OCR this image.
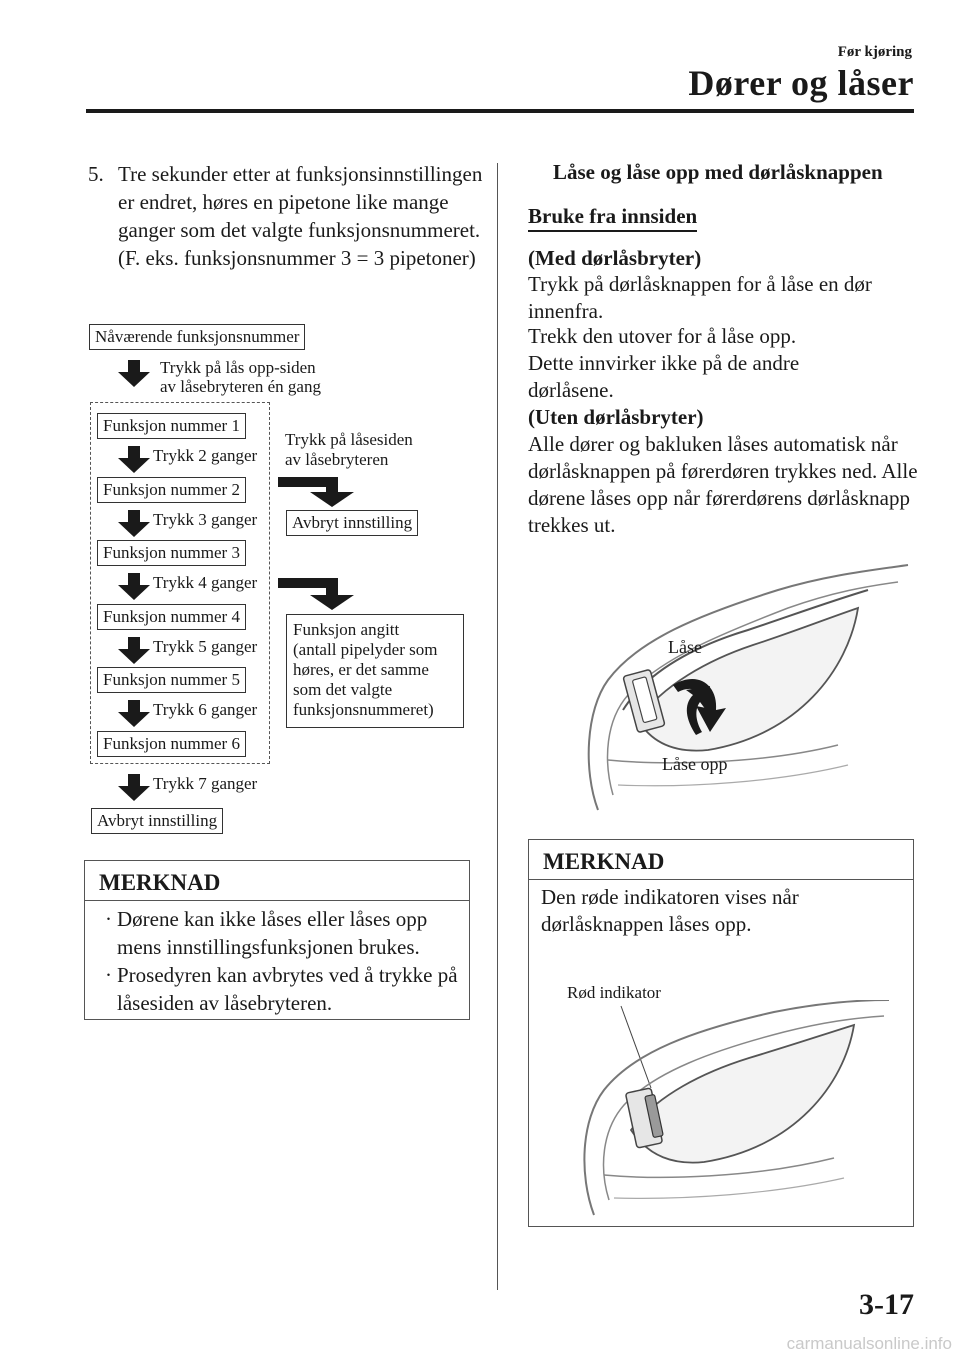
Før kjøring
Dører og låser
5. Tre sekunder etter at funksjonsinnstillingen er endret, høres en pipetone like mange ganger som det valgte funksjonsnummeret. (F. eks. funksjonsnummer 3 = 3 pipetoner)
Nåværende funksjonsnummer
Trykk på lås opp-siden
av låsebryteren én gang
Funksjon nummer 1
Trykk 2 ganger
Funksjon nummer 2
Trykk 3 ganger
Funksjon nummer 3
Trykk 4 ganger
Funksjon nummer 4
Trykk 5 ganger
Funksjon nummer 5
Trykk 6 ganger
Funksjon nummer 6
Trykk 7 ganger
Avbryt innstilling
Trykk på låsesiden
av låsebryteren
Avbryt innstilling
Funksjon angitt
(antall pipelyder som
høres, er det samme
som det valgte
funksjonsnummeret)
MERKNAD
· Dørene kan ikke låses eller låses opp mens innstillingsfunksjonen brukes.
· Prosedyren kan avbrytes ved å trykke på låsesiden av låsebryteren.
Låse og låse opp med dørlåsknappen
Bruke fra innsiden
(Med dørlåsbryter)
Trykk på dørlåsknappen for å låse en dør innenfra.
Trekk den utover for å låse opp.
Dette innvirker ikke på de andre dørlåsene.
(Uten dørlåsbryter)
Alle dører og bakluken låses automatisk når dørlåsknappen på førerdøren trykkes ned. Alle dørene låses opp når førerdørens dørlåsknapp trekkes ut.
Låse
Låse opp
MERKNAD
Den røde indikatoren vises når dørlåsknappen låses opp.
Rød indikator
3-17
carmanualsonline.info
